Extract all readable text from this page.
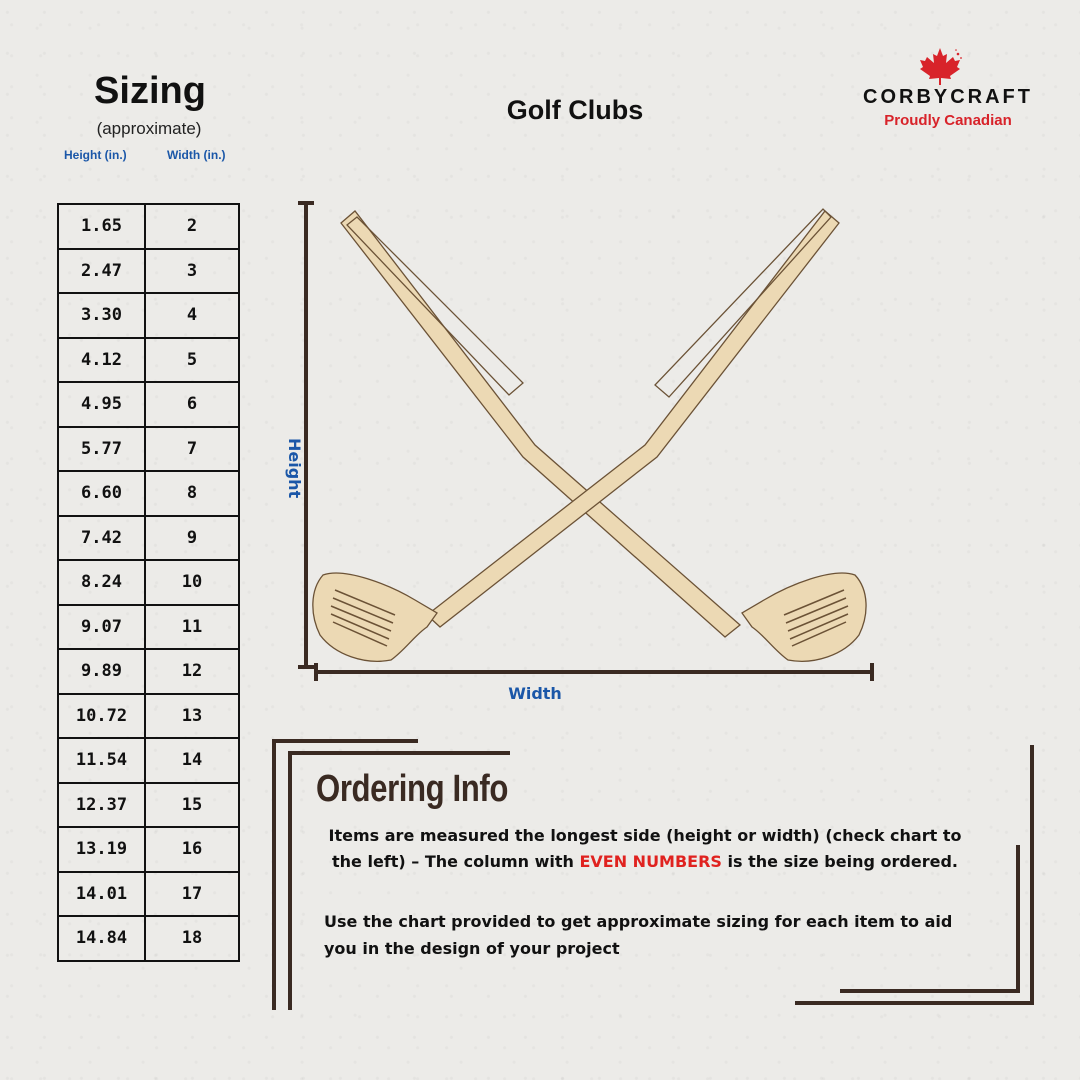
Sizing
(approximate)
Height (in.)	Width (in.)
1.65	2
2.47	3
3.30	4
4.12	5
4.95	6
5.77	7
6.60	8
7.42	9
8.24	10
9.07	11
9.89	12
10.72	13
11.54	14
12.37	15
13.19	16
14.01	17
14.84	18
Golf Clubs	CORBYCRAFT
Proudly Canadian
Height
Width
Ordering Info
Items are measured the longest side (height or width) (check chart to the left) – The column with EVEN NUMBERS is the size being ordered.
Use the chart provided to get approximate sizing for each item to aid you in the design of your project
